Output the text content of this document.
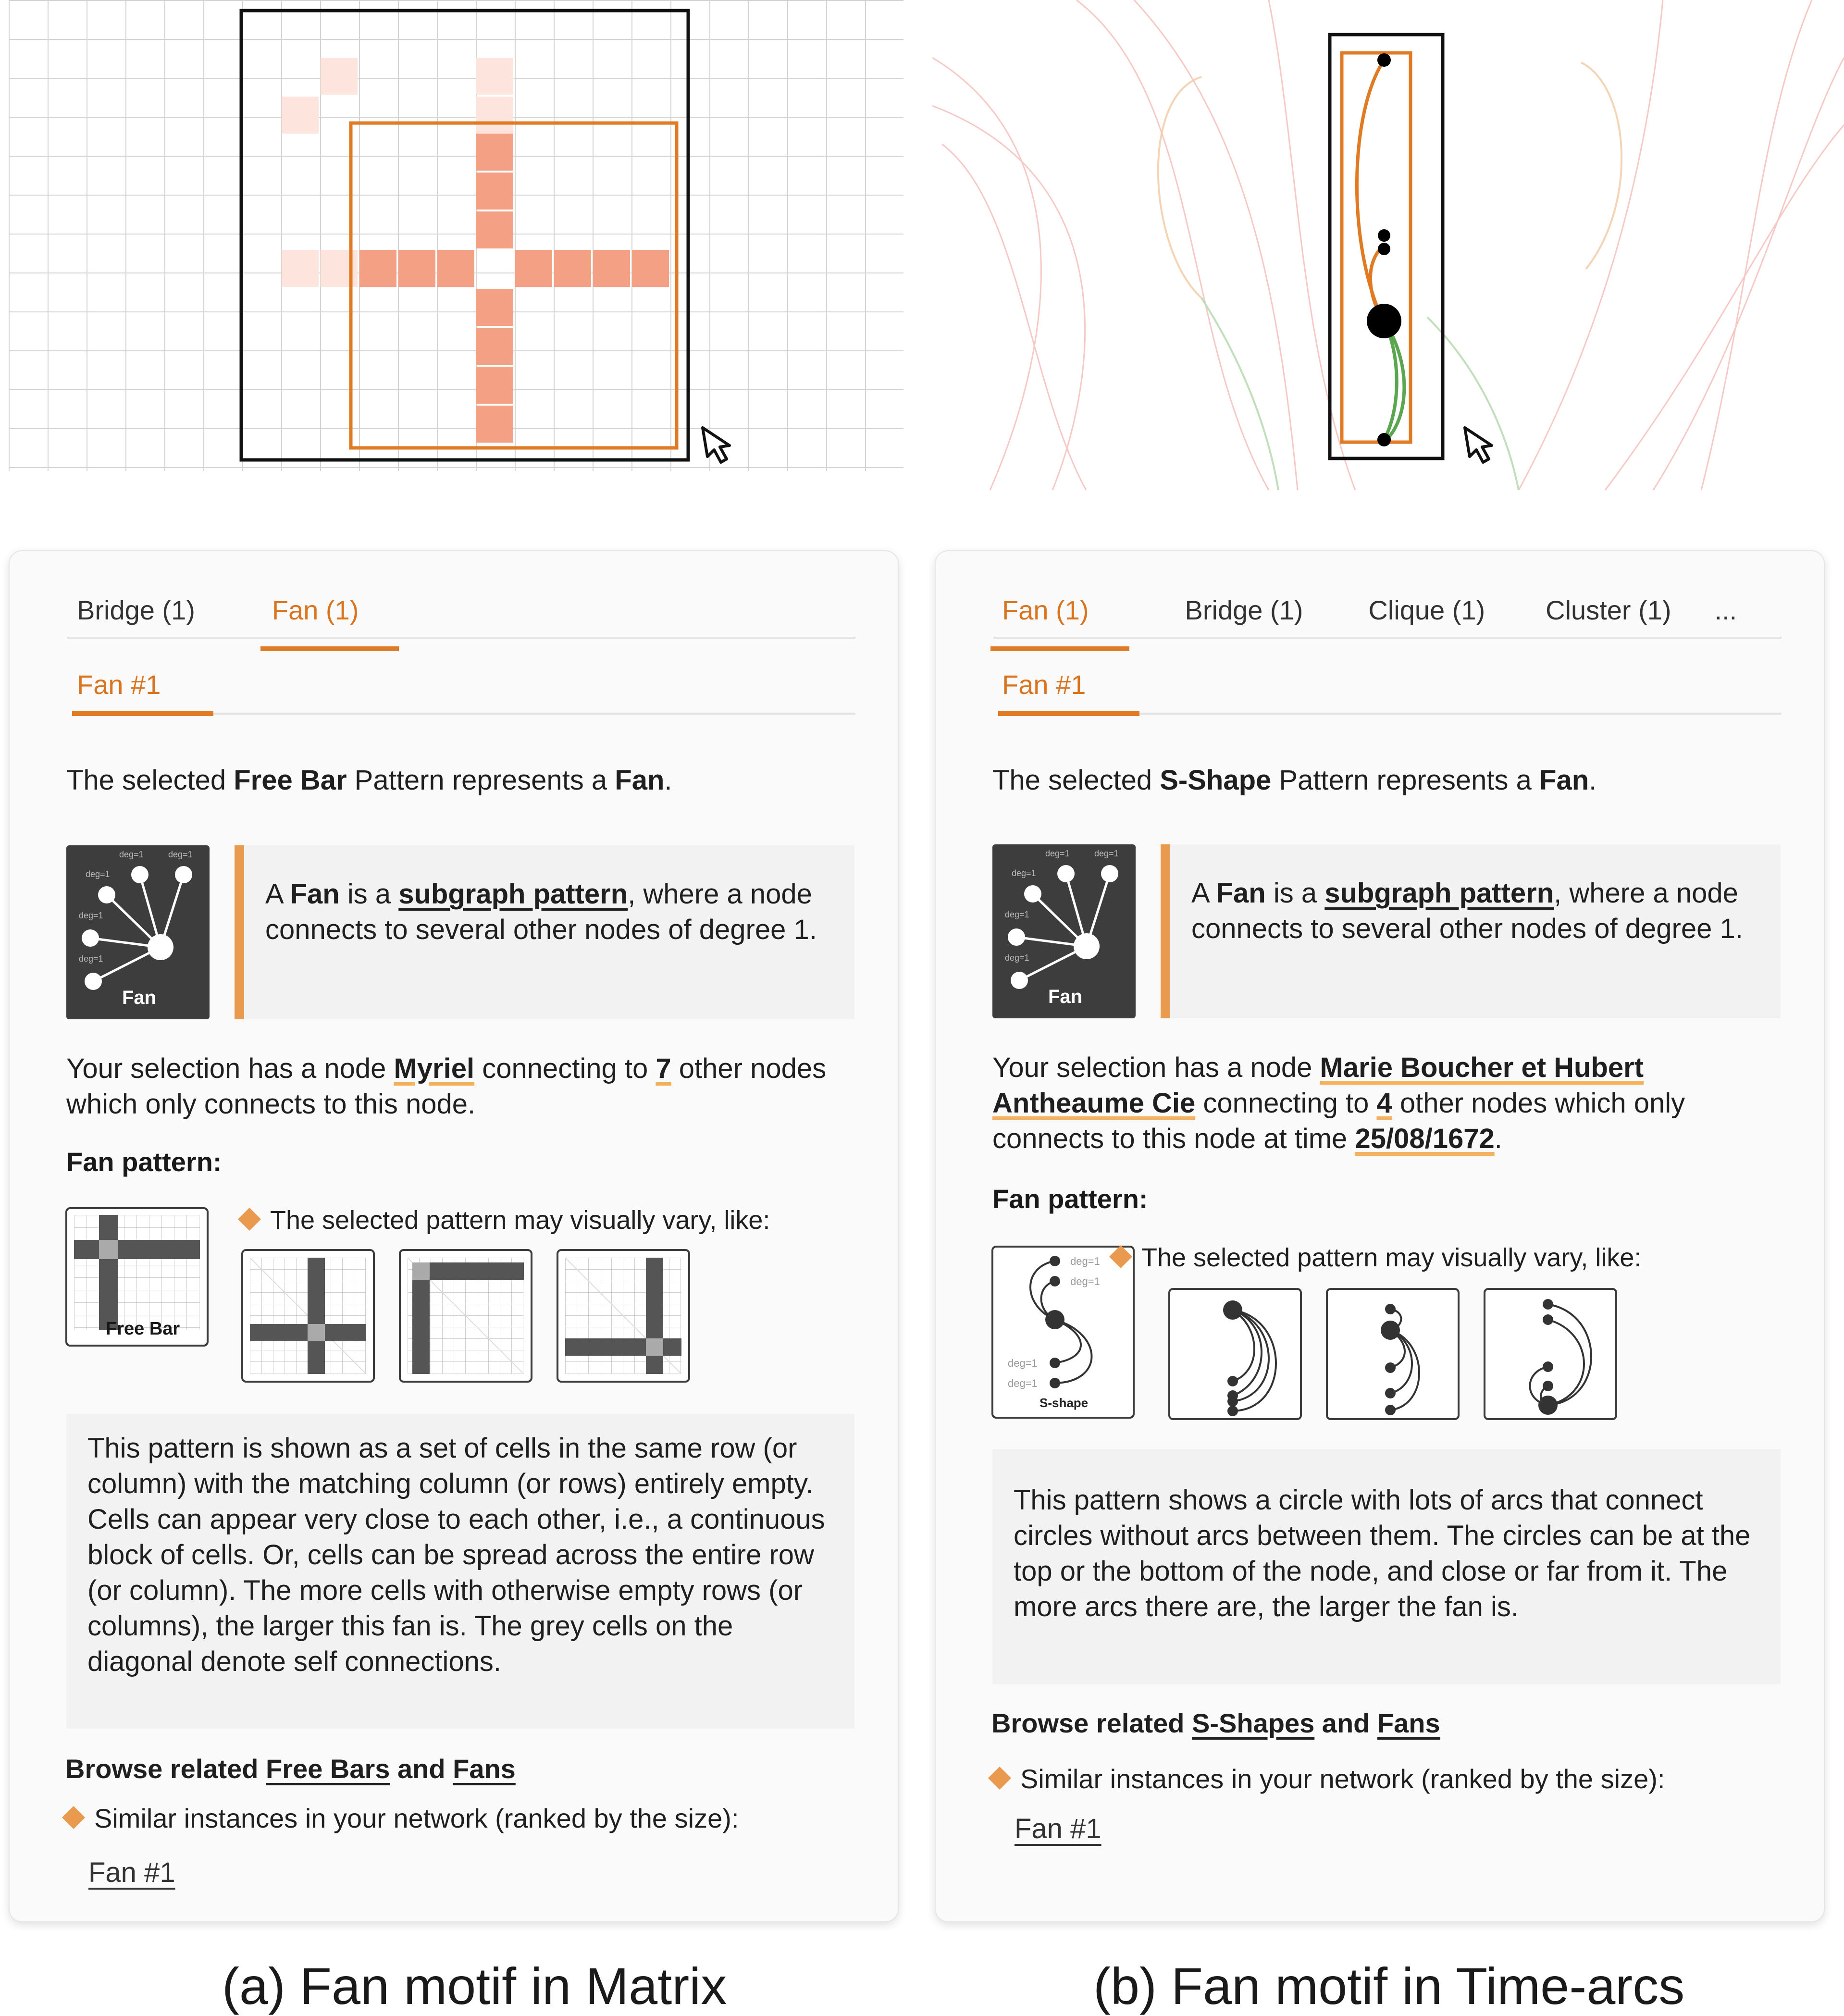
Bridge (1)	Fan (1)
Fan #1
The selected Free Bar Pattern represents a Fan.
deg=1
deg=1	deg=1
deg=1
deg=1
Fan
A Fan is a subgraph pattern, where a node connects to several other nodes of degree 1.
Your selection has a node Myriel connecting to 7 other nodes which only connects to this node.
Fan pattern:
Free Bar
The selected pattern may visually vary, like:
This pattern is shown as a set of cells in the same row (or column) with the matching column (or rows) entirely empty. Cells can appear very close to each other, i.e., a continuous block of cells. Or, cells can be spread across the entire row (or column). The more cells with otherwise empty rows (or columns), the larger this fan is. The grey cells on the diagonal denote self connections.
Browse related Free Bars and Fans
Similar instances in your network (ranked by the size):
Fan #1
Fan (1)	Bridge (1) Clique (1) Cluster (1) ...
Fan #1
The selected S-Shape Pattern represents a Fan.
deg=1
deg=1	deg=1
deg=1
deg=1
Fan
A Fan is a subgraph pattern, where a node connects to several other nodes of degree 1.
Your selection has a node Marie Boucher et Hubert Antheaume Cie connecting to 4 other nodes which only connects to this node at time 25/08/1672.
Fan pattern:
deg=1
deg=1
deg=1
deg=1
S-shape
The selected pattern may visually vary, like:
This pattern shows a circle with lots of arcs that connect circles without arcs between them. The circles can be at the top or the bottom of the node, and close or far from it. The more arcs there are, the larger the fan is.
Browse related S-Shapes and Fans
Similar instances in your network (ranked by the size):
Fan #1
(a) Fan motif in Matrix	(b) Fan motif in Time-arcs
